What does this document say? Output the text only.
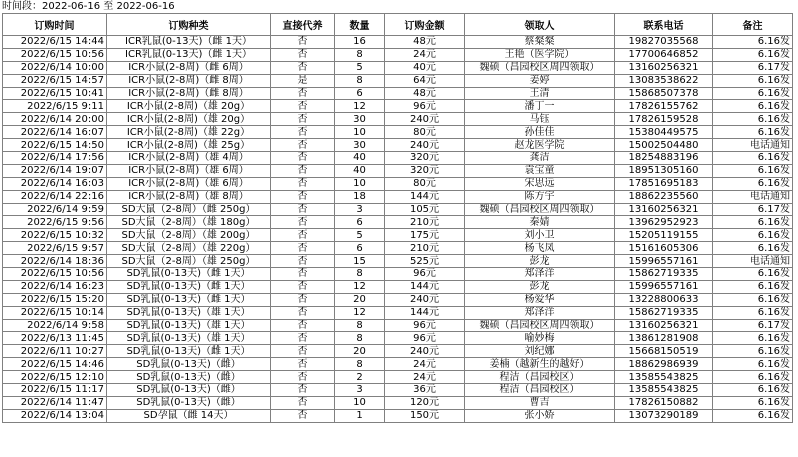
时间段：2022-06-16 至 2022-06-16
订购时间	订购种类	直接代养	数量	订购金额	领取人	联系电话	备注
2022/6/15 14:44	ICR乳鼠(0-13天)（雌 1天）	否	16	48元	蔡粲粲	19827035568	6.16发
2022/6/15 10:56	ICR乳鼠(0-13天)（雌 1天）	否	8	24元	王艳（医学院）	17700646852	6.16发
2022/6/14 10:00	ICR小鼠(2-8周)（雌 6周）	否	5	40元	魏硕（昌园校区周四领取）	13160256321	6.17发
2022/6/15 14:57	ICR小鼠(2-8周)（雌 8周）	是	8	64元	姜婷	13083538622	6.16发
2022/6/15 10:41	ICR小鼠(2-8周)（雌 8周）	否	6	48元	王清	15868507378	6.16发
2022/6/15 9:11	ICR小鼠(2-8周)（雄 20g）	否	12	96元	潘丁一	17826155762	6.16发
2022/6/14 20:00	ICR小鼠(2-8周)（雄 20g）	否	30	240元	马钰	17826159528	6.16发
2022/6/14 16:07	ICR小鼠(2-8周)（雄 22g）	否	10	80元	孙佳佳	15380449575	6.16发
2022/6/15 14:50	ICR小鼠(2-8周)（雄 25g）	否	30	240元	赵龙医学院	15002504480	电话通知
2022/6/14 17:56	ICR小鼠(2-8周)（雄 4周）	否	40	320元	龚洁	18254883196	6.16发
2022/6/14 19:07	ICR小鼠(2-8周)（雄 6周）	否	40	320元	袁宝童	18951305160	6.16发
2022/6/14 16:03	ICR小鼠(2-8周)（雄 6周）	否	10	80元	宋思远	17851695183	6.16发
2022/6/14 22:16	ICR小鼠(2-8周)（雄 8周）	否	18	144元	陈方宇	18862235560	电话通知
2022/6/14 9:59	SD大鼠（2-8周）（雌 250g）	否	3	105元	魏硕（昌园校区周四领取）	13160256321	6.17发
2022/6/15 9:56	SD大鼠（2-8周）（雄 180g）	否	6	210元	秦婧	13962952923	6.16发
2022/6/15 10:32	SD大鼠（2-8周）（雄 200g）	否	5	175元	刘小卫	15205119155	6.16发
2022/6/15 9:57	SD大鼠（2-8周）（雄 220g）	否	6	210元	杨飞凤	15161605306	6.16发
2022/6/14 18:36	SD大鼠（2-8周）（雄 250g）	否	15	525元	彭龙	15996557161	电话通知
2022/6/15 10:56	SD乳鼠(0-13天)（雌 1天）	否	8	96元	郑泽洋	15862719335	6.16发
2022/6/14 16:23	SD乳鼠(0-13天)（雌 1天）	否	12	144元	彭龙	15996557161	6.16发
2022/6/15 15:20	SD乳鼠(0-13天)（雌 1天）	否	20	240元	杨爱华	13228800633	6.16发
2022/6/15 10:14	SD乳鼠(0-13天)（雄 1天）	否	12	144元	郑泽洋	15862719335	6.16发
2022/6/14 9:58	SD乳鼠(0-13天)（雄 1天）	否	8	96元	魏硕（昌园校区周四领取）	13160256321	6.17发
2022/6/13 11:45	SD乳鼠(0-13天)（雄 1天）	否	8	96元	喻妙梅	13861281908	6.16发
2022/6/11 10:27	SD乳鼠(0-13天)（雌 1天）	否	20	240元	刘纪娜	15668150519	6.16发
2022/6/15 14:46	SD乳鼠(0-13天)（雌）	否	8	24元	姜楠（越新生的越好）	18862986939	6.16发
2022/6/15 12:10	SD乳鼠(0-13天)（雌）	否	2	24元	程洁（昌园校区）	13585543825	6.16发
2022/6/15 11:17	SD乳鼠(0-13天)（雌）	否	3	36元	程洁（昌园校区）	13585543825	6.16发
2022/6/14 11:47	SD乳鼠(0-13天)（雌）	否	10	120元	曹吉	17826150882	6.16发
2022/6/14 13:04	SD孕鼠（雌 14天）	否	1	150元	张小娇	13073290189	6.16发
